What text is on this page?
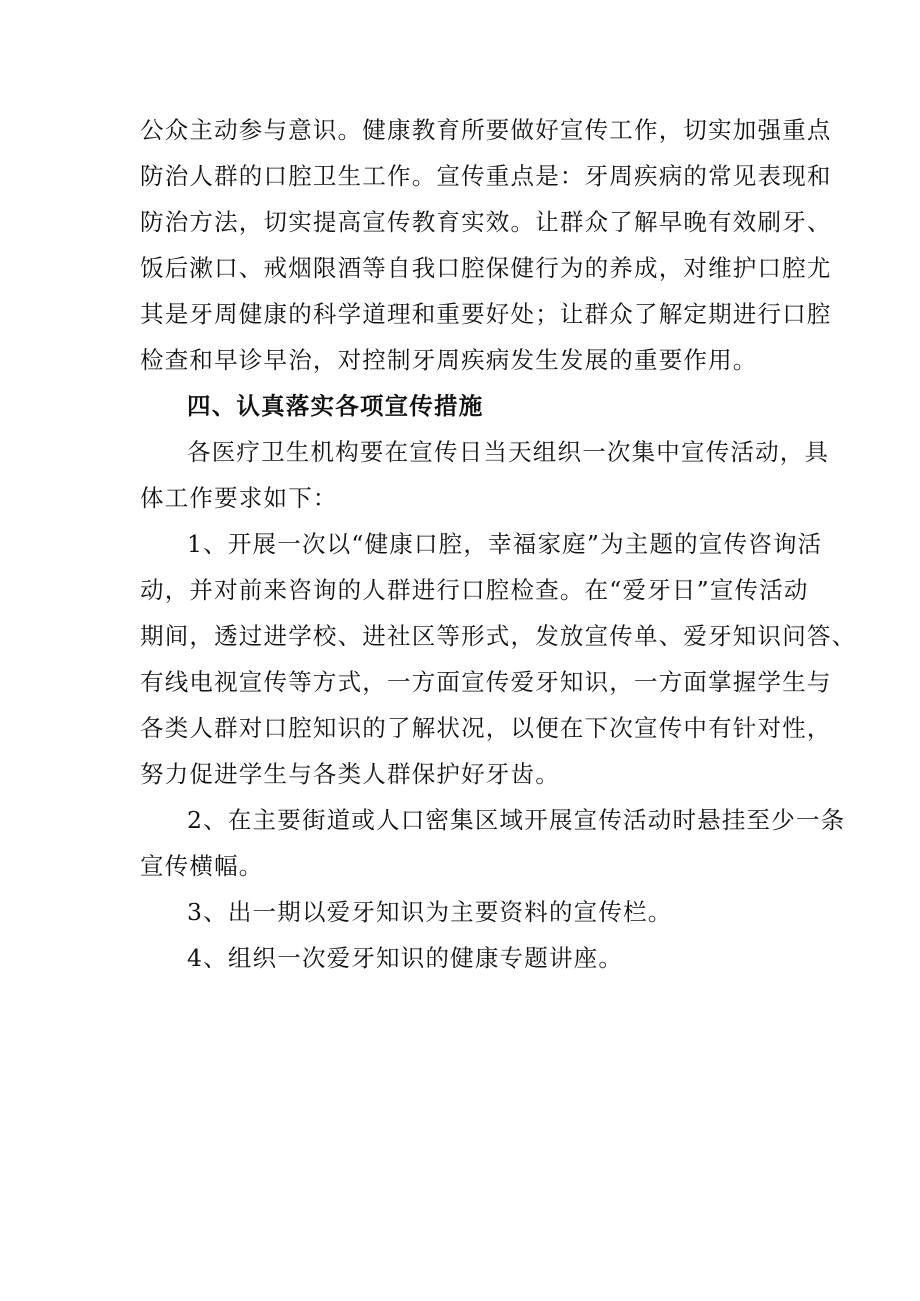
公众主动参与意识。健康教育所要做好宣传工作，切实加强重点
防治人群的口腔卫生工作。宣传重点是：牙周疾病的常见表现和
防治方法，切实提高宣传教育实效。让群众了解早晚有效刷牙、
饭后漱口、戒烟限酒等自我口腔保健行为的养成，对维护口腔尤
其是牙周健康的科学道理和重要好处；让群众了解定期进行口腔
检查和早诊早治，对控制牙周疾病发生发展的重要作用。
四、认真落实各项宣传措施
各医疗卫生机构要在宣传日当天组织一次集中宣传活动，具
体工作要求如下：
1、开展一次以“健康口腔，幸福家庭”为主题的宣传咨询活
动，并对前来咨询的人群进行口腔检查。在“爱牙日”宣传活动
期间，透过进学校、进社区等形式，发放宣传单、爱牙知识问答、
有线电视宣传等方式，一方面宣传爱牙知识，一方面掌握学生与
各类人群对口腔知识的了解状况，以便在下次宣传中有针对性，
努力促进学生与各类人群保护好牙齿。
2、在主要街道或人口密集区域开展宣传活动时悬挂至少一条
宣传横幅。
3、出一期以爱牙知识为主要资料的宣传栏。
4、组织一次爱牙知识的健康专题讲座。
